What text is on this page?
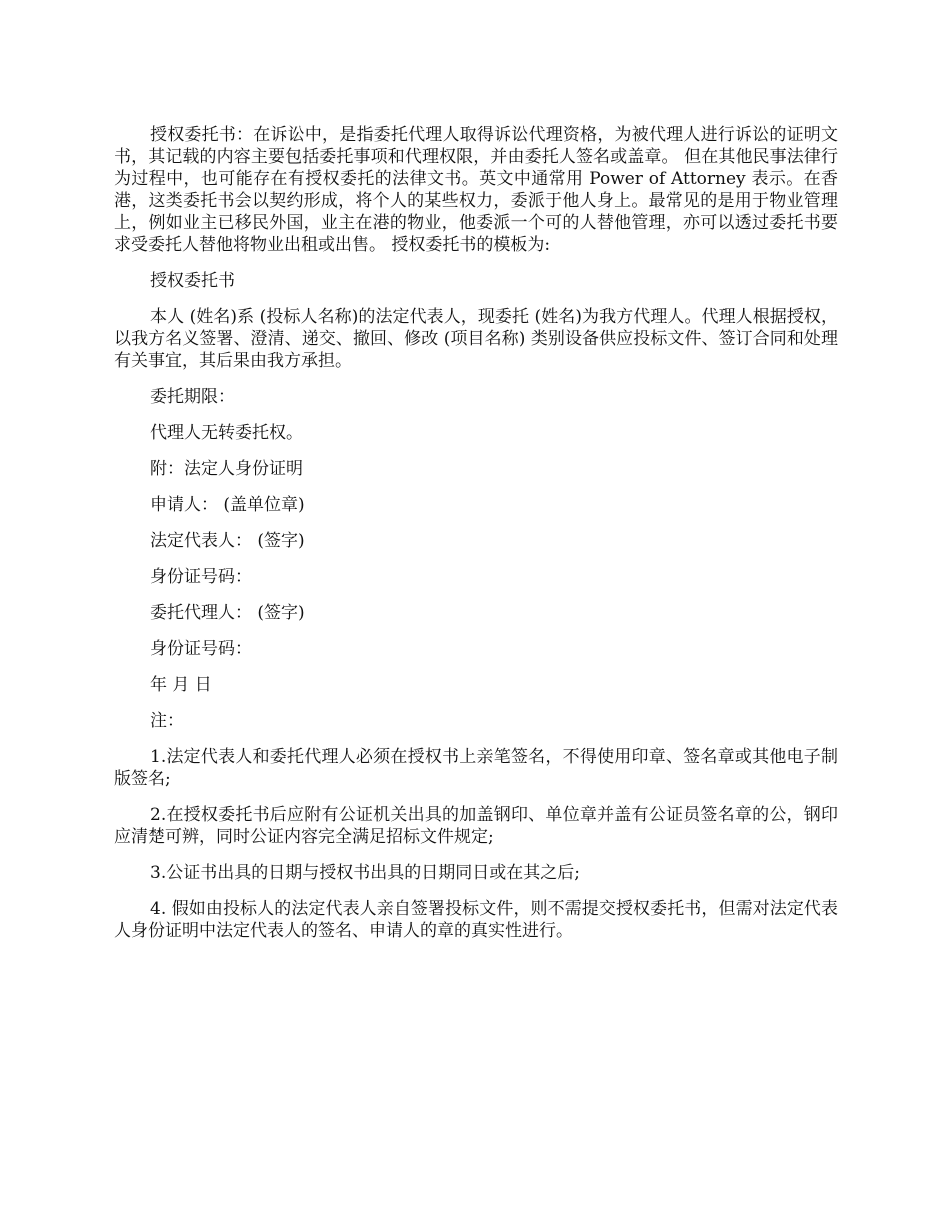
授权委托书：在诉讼中，是指委托代理人取得诉讼代理资格，为被代理人进行诉讼的证明文书，其记载的内容主要包括委托事项和代理权限，并由委托人签名或盖章。 但在其他民事法律行为过程中，也可能存在有授权委托的法律文书。英文中通常用 Power of Attorney 表示。在香港，这类委托书会以契约形成，将个人的某些权力，委派于他人身上。最常见的是用于物业管理上，例如业主已移民外国，业主在港的物业，他委派一个可的人替他管理，亦可以透过委托书要求受委托人替他将物业出租或出售。 授权委托书的模板为:

授权委托书

本人 (姓名)系 (投标人名称)的法定代表人，现委托 (姓名)为我方代理人。代理人根据授权，以我方名义签署、澄清、递交、撤回、修改 (项目名称) 类别设备供应投标文件、签订合同和处理有关事宜，其后果由我方承担。

委托期限：

代理人无转委托权。

附：法定人身份证明

申请人： (盖单位章)

法定代表人： (签字)

身份证号码：

委托代理人： (签字)

身份证号码：

年 月 日

注：

1.法定代表人和委托代理人必须在授权书上亲笔签名，不得使用印章、签名章或其他电子制版签名;

2.在授权委托书后应附有公证机关出具的加盖钢印、单位章并盖有公证员签名章的公，钢印应清楚可辨，同时公证内容完全满足招标文件规定;

3.公证书出具的日期与授权书出具的日期同日或在其之后;

4. 假如由投标人的法定代表人亲自签署投标文件，则不需提交授权委托书，但需对法定代表人身份证明中法定代表人的签名、申请人的章的真实性进行。
